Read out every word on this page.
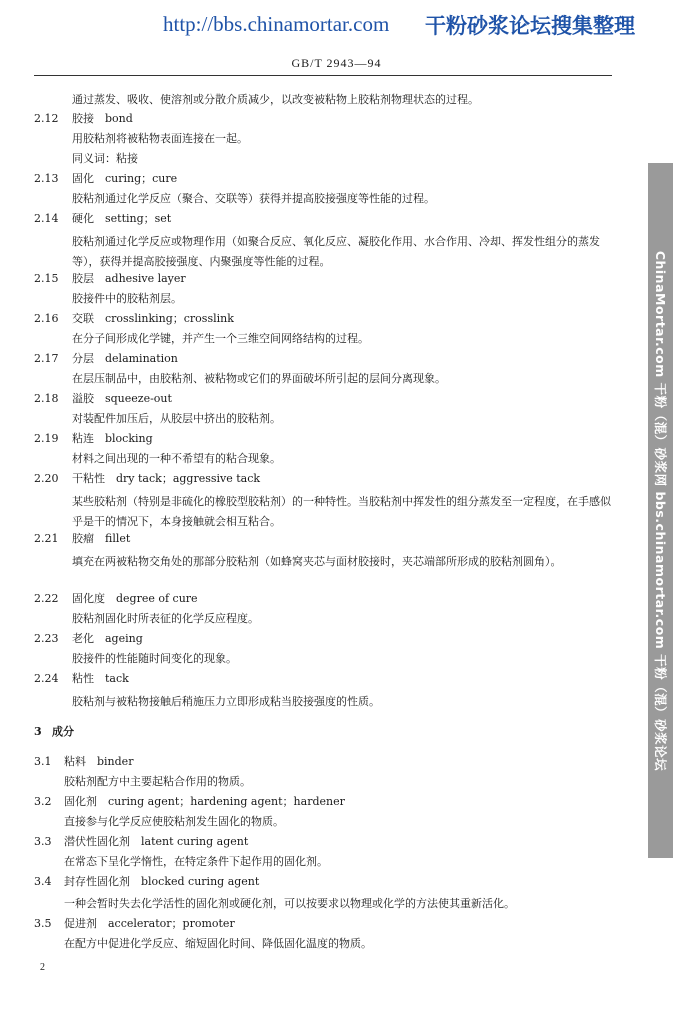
http://bbs.chinamortar.com 干粉砂浆论坛搜集整理
GB/T 2943—94
通过蒸发、吸收、使溶剂或分散介质减少，以改变被粘物上胶粘剂物理状态的过程。
2.12 胶接　bond
用胶粘剂将被粘物表面连接在一起。
同义词：粘接
2.13 固化　curing；cure
胶粘剂通过化学反应（聚合、交联等）获得并提高胶接强度等性能的过程。
2.14 硬化　setting；set
胶粘剂通过化学反应或物理作用（如聚合反应、氧化反应、凝胶化作用、水合作用、冷却、挥发性组分的蒸发等），获得并提高胶接强度、内聚强度等性能的过程。
2.15 胶层　adhesive layer
胶接件中的胶粘剂层。
2.16 交联　crosslinking；crosslink
在分子间形成化学键，并产生一个三维空间网络结构的过程。
2.17 分层　delamination
在层压制品中，由胶粘剂、被粘物或它们的界面破坏所引起的层间分离现象。
2.18 溢胶　squeeze-out
对装配件加压后，从胶层中挤出的胶粘剂。
2.19 粘连　blocking
材料之间出现的一种不希望有的粘合现象。
2.20 干粘性　dry tack；aggressive tack
某些胶粘剂（特别是非硫化的橡胶型胶粘剂）的一种特性。当胶粘剂中挥发性的组分蒸发至一定程度，在手感似乎是干的情况下，本身接触就会相互粘合。
2.21 胶瘤　fillet
填充在两被粘物交角处的那部分胶粘剂（如蜂窝夹芯与面材胶接时，夹芯端部所形成的胶粘剂圆角）。
2.22 固化度　degree of cure
胶粘剂固化时所表征的化学反应程度。
2.23 老化　ageing
胶接件的性能随时间变化的现象。
2.24 粘性　tack
胶粘剂与被粘物接触后稍施压力立即形成粘当胶接强度的性质。
3 成分
3.1 粘料　binder
胶粘剂配方中主要起粘合作用的物质。
3.2 固化剂　curing agent；hardening agent；hardener
直接参与化学反应使胶粘剂发生固化的物质。
3.3 潜伏性固化剂　latent curing agent
在常态下呈化学惰性，在特定条件下起作用的固化剂。
3.4 封存性固化剂　blocked curing agent
一种会暂时失去化学活性的固化剂或硬化剂，可以按要求以物理或化学的方法使其重新活化。
3.5 促进剂　accelerator；promoter
在配方中促进化学反应、缩短固化时间、降低固化温度的物质。
ChinaMortar.com 干粉（混）砂浆网 bbs.chinamortar.com 干粉（混）砂浆论坛
2
